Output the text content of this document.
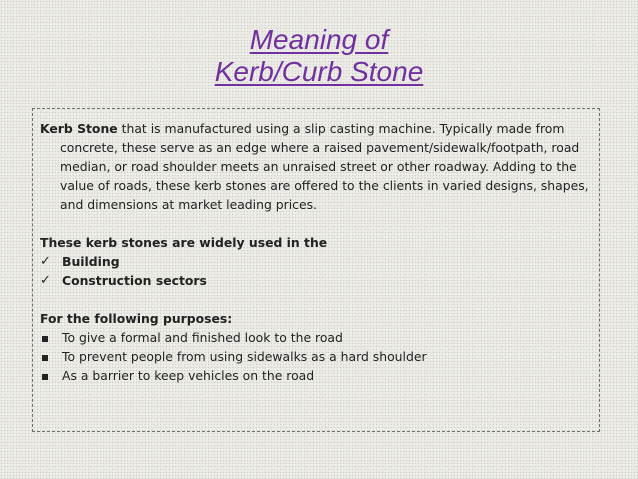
Meaning of
Kerb/Curb Stone

Kerb Stone that is manufactured using a slip casting machine. Typically made from concrete, these serve as an edge where a raised pavement/sidewalk/footpath, road median, or road shoulder meets an unraised street or other roadway. Adding to the value of roads, these kerb stones are offered to the clients in varied designs, shapes, and dimensions at market leading prices.

These kerb stones are widely used in the

✓ Building
✓ Construction sectors

For the following purposes:

To give a formal and finished look to the road
To prevent people from using sidewalks as a hard shoulder
As a barrier to keep vehicles on the road
